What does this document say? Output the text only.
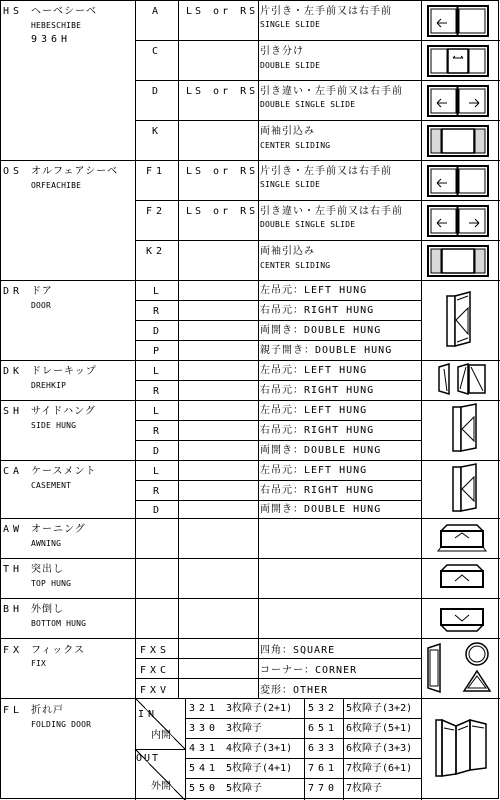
HS ヘーベシーベ
HEBESCHIBE
936H
A LS or RS 片引き・左手前又は右手前
SINGLE SLIDE
C	引き分け
DOUBLE SLIDE
D LS or RS 引き違い・左手前又は右手前
DOUBLE SINGLE SLIDE
K	両袖引込み
CENTER SLIDING
OS オルフェアシーベ
ORFEACHIBE
F1 LS or RS 片引き・左手前又は右手前
SINGLE SLIDE
F2 LS or RS 引き違い・左手前又は右手前
DOUBLE SINGLE SLIDE
K2	両袖引込み
CENTER SLIDING
DR ドア
DOOR
L	左吊元：LEFT HUNG
R	右吊元：RIGHT HUNG
D	両開き：DOUBLE HUNG
P	親子開き：DOUBLE HUNG
DK ドレーキップ
DREHKIP
L	左吊元：LEFT HUNG
R	右吊元：RIGHT HUNG
SH サイドハング
SIDE HUNG
L	左吊元：LEFT HUNG
R	右吊元：RIGHT HUNG
D	両開き：DOUBLE HUNG
CA ケースメント
CASEMENT
L	左吊元：LEFT HUNG
R	右吊元：RIGHT HUNG
D	両開き：DOUBLE HUNG
AW オーニング
AWNING
TH 突出し
TOP HUNG
BH 外倒し
BOTTOM HUNG
FX フィックス
FIX
FXS	四角：SQUARE
FXC	コーナー：CORNER
FXV	変形：OTHER
FL 折れ戸
FOLDING DOOR
IN
内開
OUT
外開
321 3枚障子(2+1) 532 5枚障子(3+2)
330 3枚障子	651 6枚障子(5+1)
431 4枚障子(3+1) 633 6枚障子(3+3)
541 5枚障子(4+1) 761 7枚障子(6+1)
550 5枚障子	770 7枚障子
